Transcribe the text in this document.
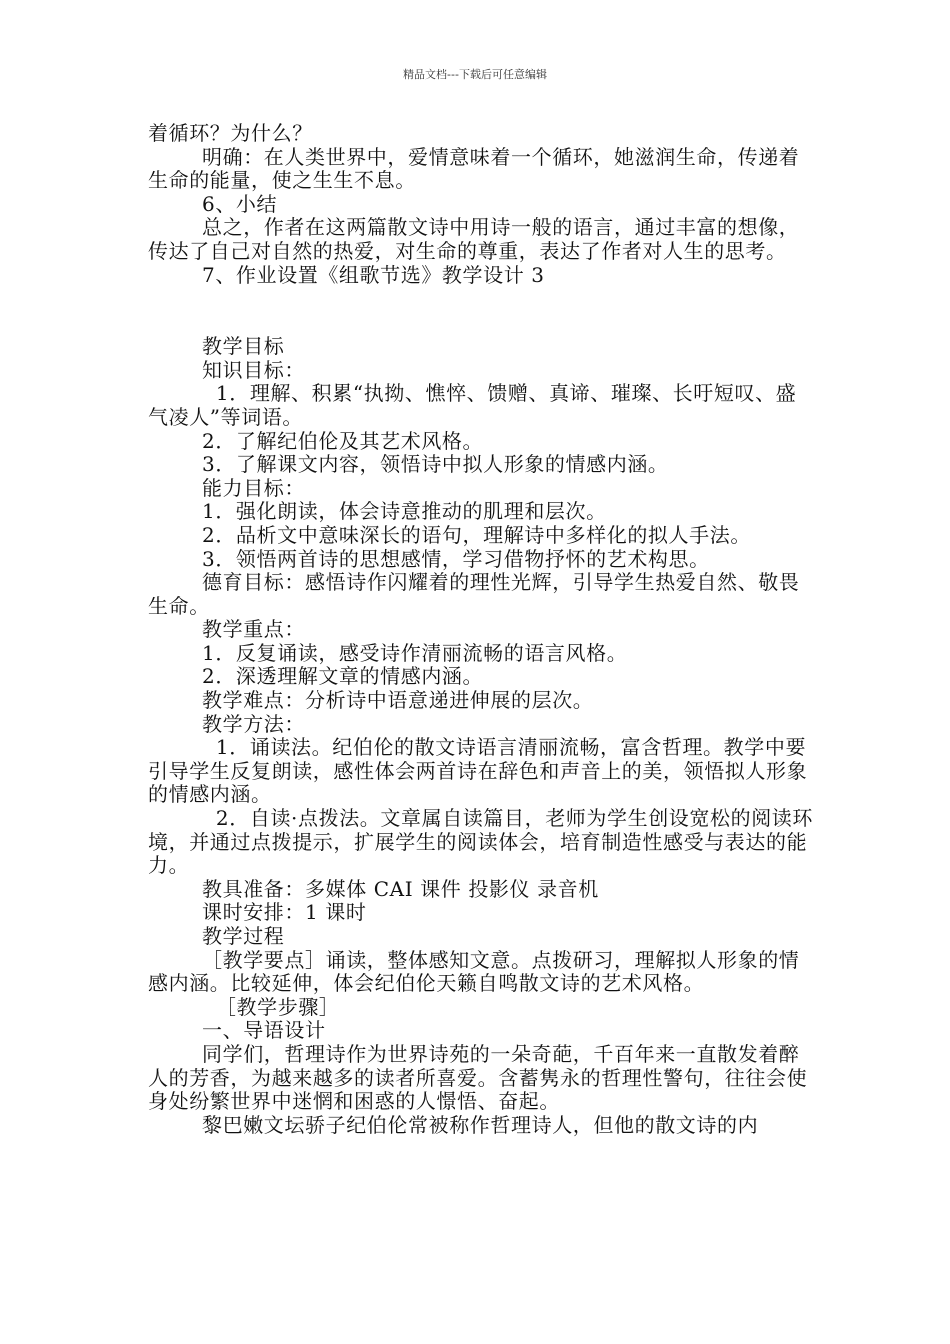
精品文档---下载后可任意编辑

着循环？为什么？

明确：在人类世界中，爱情意味着一个循环，她滋润生命，传递着生命的能量，使之生生不息。

6、小结

总之，作者在这两篇散文诗中用诗一般的语言，通过丰富的想像，传达了自己对自然的热爱，对生命的尊重，表达了作者对人生的思考。

7、作业设置《组歌节选》教学设计 3

教学目标

知识目标：

1．理解、积累“执拗、憔悴、馈赠、真谛、璀璨、长吁短叹、盛气凌人”等词语。

2．了解纪伯伦及其艺术风格。

3．了解课文内容，领悟诗中拟人形象的情感内涵。

能力目标：

1．强化朗读，体会诗意推动的肌理和层次。

2．品析文中意味深长的语句，理解诗中多样化的拟人手法。

3．领悟两首诗的思想感情，学习借物抒怀的艺术构思。

德育目标：感悟诗作闪耀着的理性光辉，引导学生热爱自然、敬畏生命。

教学重点：

1．反复诵读，感受诗作清丽流畅的语言风格。

2．深透理解文章的情感内涵。

教学难点：分析诗中语意递进伸展的层次。

教学方法：

1．诵读法。纪伯伦的散文诗语言清丽流畅，富含哲理。教学中要引导学生反复朗读，感性体会两首诗在辞色和声音上的美，领悟拟人形象的情感内涵。

2．自读·点拨法。文章属自读篇目，老师为学生创设宽松的阅读环境，并通过点拨提示，扩展学生的阅读体会，培育制造性感受与表达的能力。

教具准备：多媒体 CAI 课件 投影仪 录音机

课时安排：1 课时

教学过程

［教学要点］诵读，整体感知文意。点拨研习，理解拟人形象的情感内涵。比较延伸，体会纪伯伦天籁自鸣散文诗的艺术风格。

［教学步骤］

一、导语设计

同学们，哲理诗作为世界诗苑的一朵奇葩，千百年来一直散发着醉人的芳香，为越来越多的读者所喜爱。含蓄隽永的哲理性警句，往往会使身处纷繁世界中迷惘和困惑的人憬悟、奋起。

黎巴嫩文坛骄子纪伯伦常被称作哲理诗人，但他的散文诗的内
